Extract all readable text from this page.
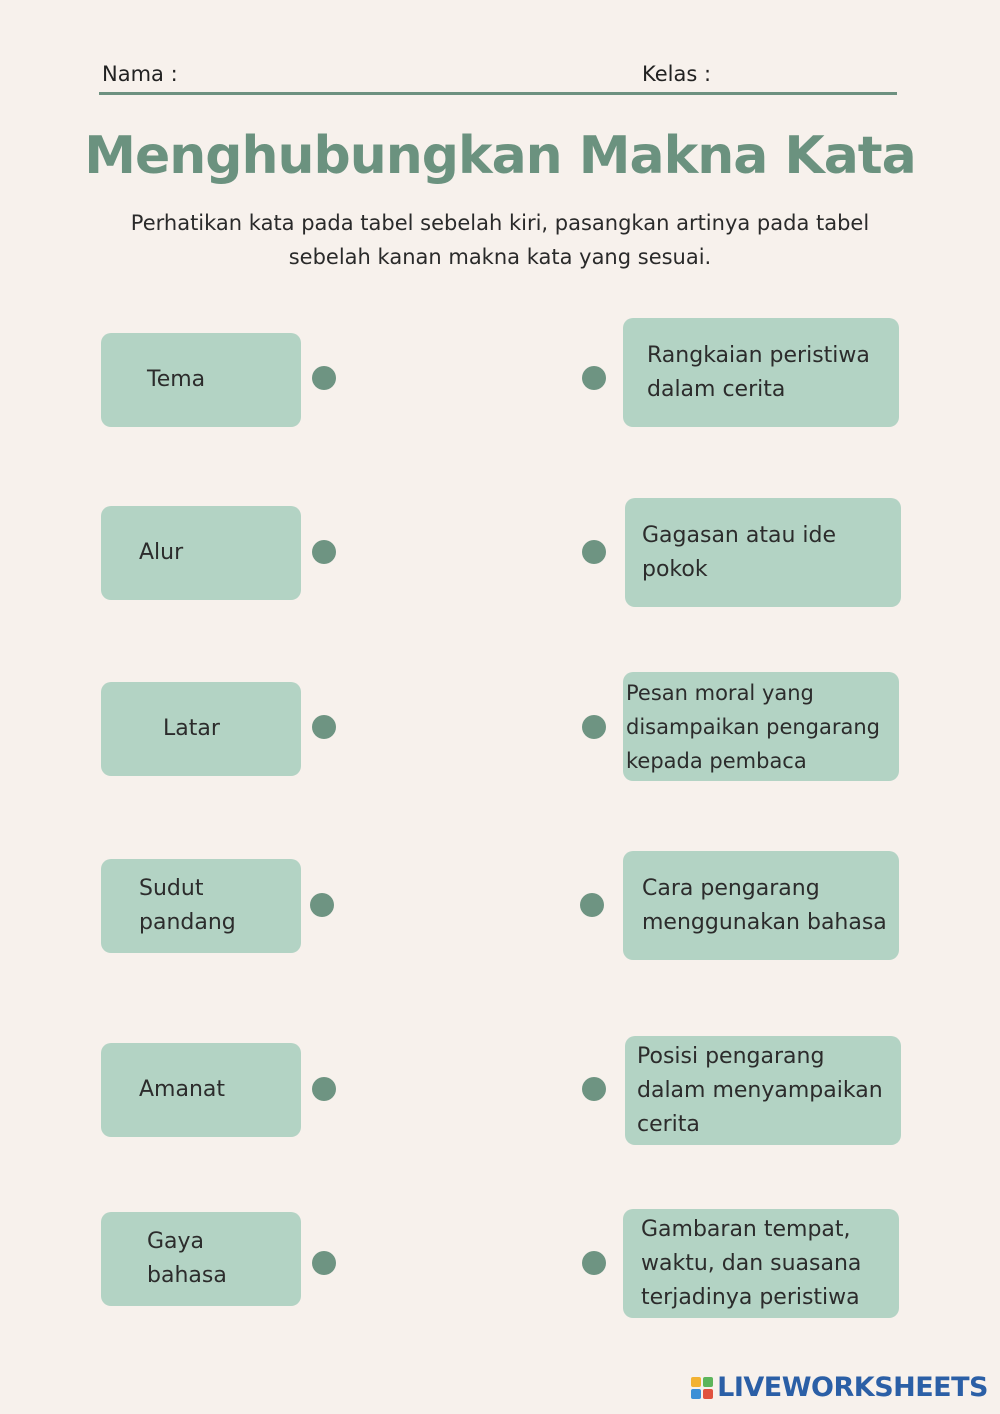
Nama :	Kelas :
Menghubungkan Makna Kata
Perhatikan kata pada tabel sebelah kiri, pasangkan artinya pada tabel sebelah kanan makna kata yang sesuai.
Tema
Alur
Latar
Sudut
pandang
Amanat
Gaya
bahasa
Rangkaian peristiwa
dalam cerita
Gagasan atau ide
pokok
Pesan moral yang
disampaikan pengarang
kepada pembaca
Cara pengarang
menggunakan bahasa
Posisi pengarang
dalam menyampaikan
cerita
Gambaran tempat,
waktu, dan suasana
terjadinya peristiwa
LIVEWORKSHEETS
